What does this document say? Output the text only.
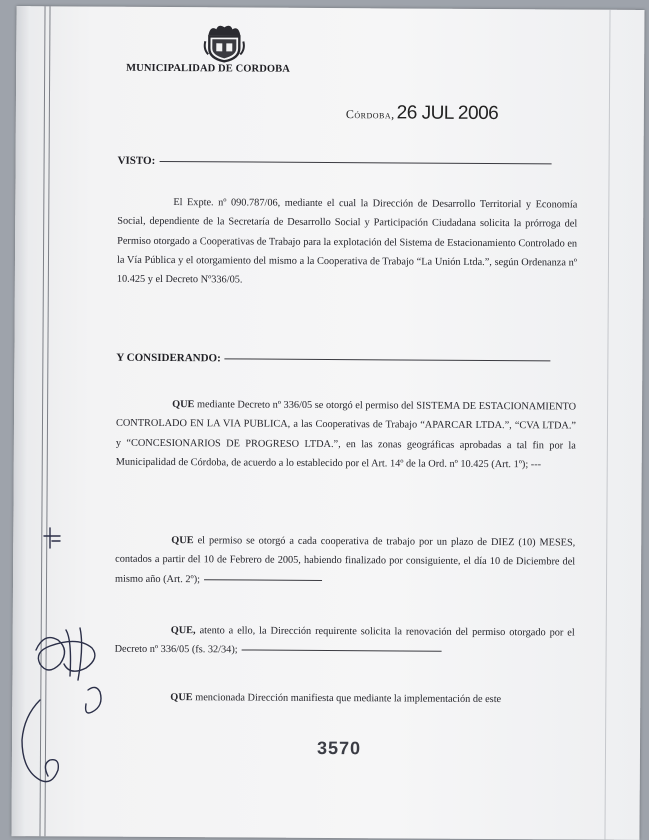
MUNICIPALIDAD DE CORDOBA
Córdoba, 26 JUL 2006
VISTO:
El Expte. nº 090.787/06, mediante el cual la Dirección de Desarrollo Territorial y Economía Social, dependiente de la Secretaría de Desarrollo Social y Participación Ciudadana solicita la prórroga del Permiso otorgado a Cooperativas de Trabajo para la explotación del Sistema de Estacionamiento Controlado en la Vía Pública y el otorgamiento del mismo a la Cooperativa de Trabajo “La Unión Ltda.”, según Ordenanza nº 10.425 y el Decreto Nº336/05.
Y CONSIDERANDO:
QUE mediante Decreto nº 336/05 se otorgó el permiso del SISTEMA DE ESTACIONAMIENTO CONTROLADO EN LA VIA PUBLICA, a las Cooperativas de Trabajo “APARCAR LTDA.”, “CVA LTDA.” y “CONCESIONARIOS DE PROGRESO LTDA.”, en las zonas geográficas aprobadas a tal fin por la Municipalidad de Córdoba, de acuerdo a lo establecido por el Art. 14º de la Ord. nº 10.425 (Art. 1º); ---
QUE el permiso se otorgó a cada cooperativa de trabajo por un plazo de DIEZ (10) MESES, contados a partir del 10 de Febrero de 2005, habiendo finalizado por consiguiente, el día 10 de Diciembre del mismo año (Art. 2º);
QUE, atento a ello, la Dirección requirente solicita la renovación del permiso otorgado por el Decreto nº 336/05 (fs. 32/34);
QUE mencionada Dirección manifiesta que mediante la implementación de este
3570
